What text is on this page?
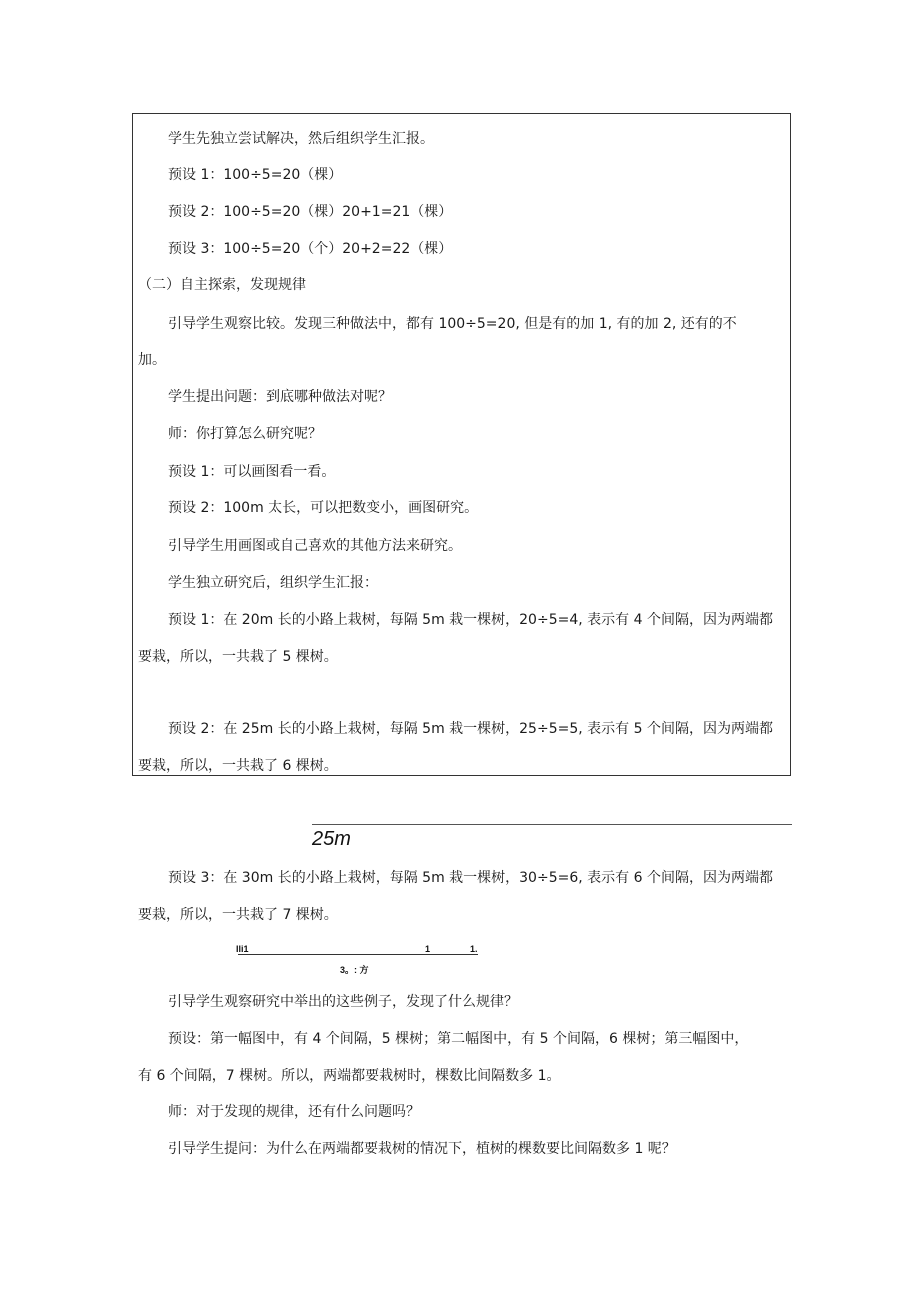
学生先独立尝试解决，然后组织学生汇报。
预设 1：100÷5=20（棵）
预设 2：100÷5=20（棵）20+1=21（棵）
预设 3：100÷5=20（个）20+2=22（棵）
（二）自主探索，发现规律
引导学生观察比较。发现三种做法中，都有 100÷5=20, 但是有的加 1, 有的加 2, 还有的不
加。
学生提出问题：到底哪种做法对呢？
师：你打算怎么研究呢？
预设 1：可以画图看一看。
预设 2：100m 太长，可以把数变小，画图研究。
引导学生用画图或自己喜欢的其他方法来研究。
学生独立研究后，组织学生汇报：
预设 1：在 20m 长的小路上栽树，每隔 5m 栽一棵树，20÷5=4, 表示有 4 个间隔，因为两端都
要栽，所以，一共栽了 5 棵树。
预设 2：在 25m 长的小路上栽树，每隔 5m 栽一棵树，25÷5=5, 表示有 5 个间隔，因为两端都
要栽，所以，一共栽了 6 棵树。
25m
预设 3：在 30m 长的小路上栽树，每隔 5m 栽一棵树，30÷5=6, 表示有 6 个间隔，因为两端都
要栽，所以，一共栽了 7 棵树。
Ili1	1	1.
3。: 方
引导学生观察研究中举出的这些例子，发现了什么规律？
预设：第一幅图中，有 4 个间隔，5 棵树；第二幅图中，有 5 个间隔，6 棵树；第三幅图中，
有 6 个间隔，7 棵树。所以，两端都要栽树时，棵数比间隔数多 1。
师：对于发现的规律，还有什么问题吗？
引导学生提问：为什么在两端都要栽树的情况下，植树的棵数要比间隔数多 1 呢？
